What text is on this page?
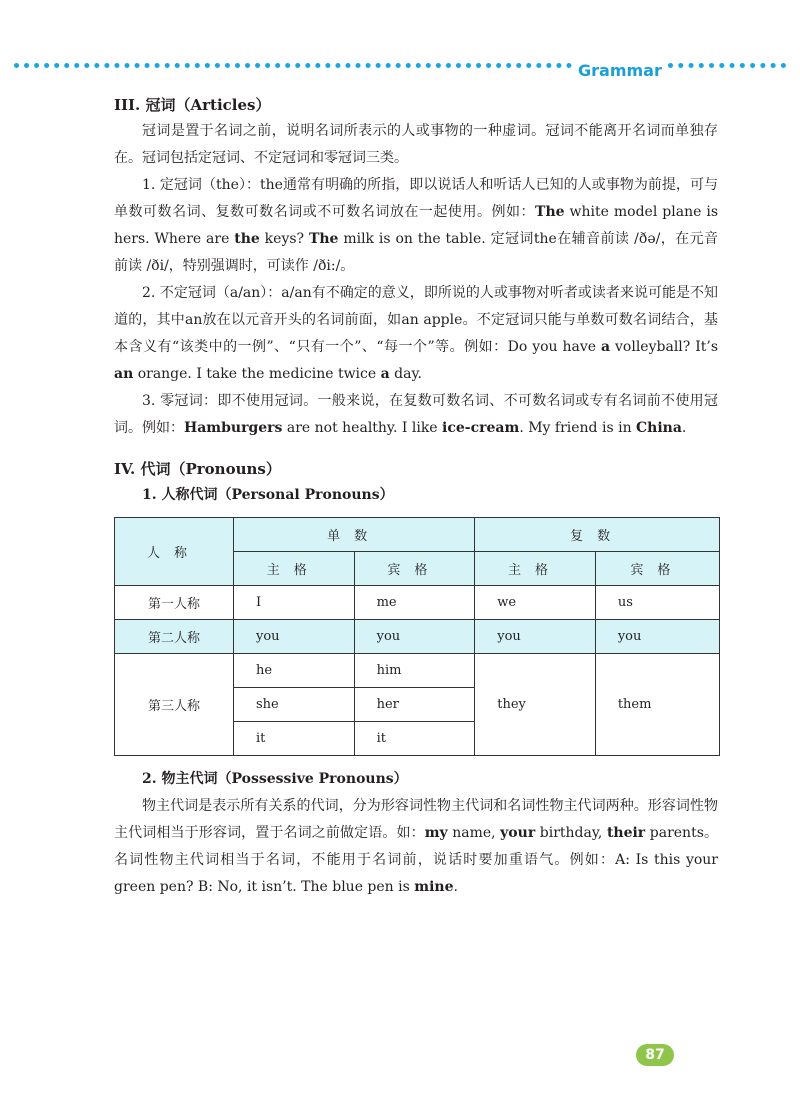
Grammar

III. 冠词（Articles）

冠词是置于名词之前，说明名词所表示的人或事物的一种虚词。冠词不能离开名词而单独存在。冠词包括定冠词、不定冠词和零冠词三类。

1. 定冠词（the）：the通常有明确的所指，即以说话人和听话人已知的人或事物为前提，可与单数可数名词、复数可数名词或不可数名词放在一起使用。例如：The white model plane is hers. Where are the keys? The milk is on the table. 定冠词the在辅音前读 /ðə/，在元音前读 /ði/，特别强调时，可读作 /ði:/。

2. 不定冠词（a/an）：a/an有不确定的意义，即所说的人或事物对听者或读者来说可能是不知道的，其中an放在以元音开头的名词前面，如an apple。不定冠词只能与单数可数名词结合，基本含义有“该类中的一例”、“只有一个”、“每一个”等。例如：Do you have a volleyball? It’s an orange. I take the medicine twice a day.

3. 零冠词：即不使用冠词。一般来说，在复数可数名词、不可数名词或专有名词前不使用冠词。例如：Hamburgers are not healthy. I like ice-cream. My friend is in China.

IV. 代词（Pronouns）

1. 人称代词（Personal Pronouns）

人称	单数		复数	
	主格	宾格	主格	宾格
第一人称	I	me	we	us
第二人称	you	you	you	you
第三人称	he	him	they	them
	she	her		
	it	it		

2. 物主代词（Possessive Pronouns）

物主代词是表示所有关系的代词，分为形容词性物主代词和名词性物主代词两种。形容词性物主代词相当于形容词，置于名词之前做定语。如：my name, your birthday, their parents。名词性物主代词相当于名词，不能用于名词前，说话时要加重语气。例如：A: Is this your green pen? B: No, it isn’t. The blue pen is mine.

87
